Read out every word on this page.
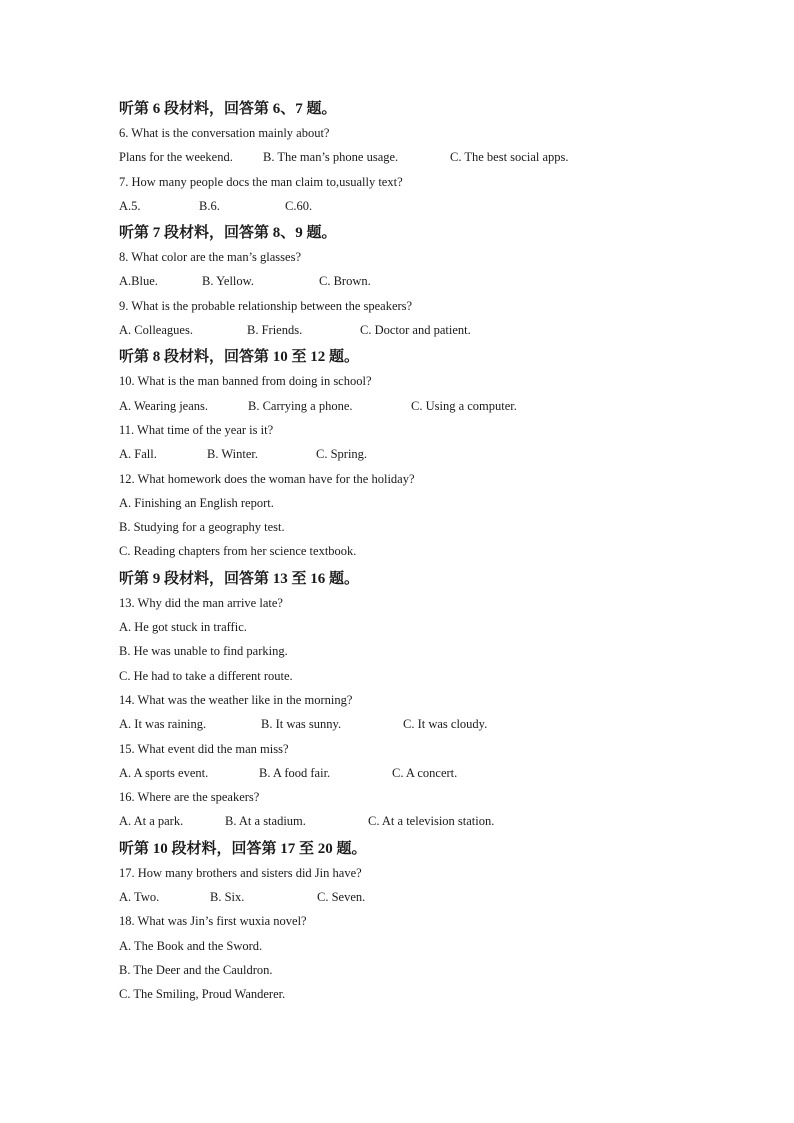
听第 6 段材料，回答第 6、7 题。
6. What is the conversation mainly about?
Plans for the weekend. B. The man’s phone usage.	C. The best social apps.
7. How many people docs the man claim to,usually text?
A.5.	B.6.	C.60.
听第 7 段材料，回答第 8、9 题。
8. What color are the man’s glasses?
A.Blue.	B. Yellow.	C. Brown.
9. What is the probable relationship between the speakers?
A. Colleagues.	B. Friends.	C. Doctor and patient.
听第 8 段材料，回答第 10 至 12 题。
10. What is the man banned from doing in school?
A. Wearing jeans.	B. Carrying a phone.	C. Using a computer.
11. What time of the year is it?
A. Fall.	B. Winter.	C. Spring.
12. What homework does the woman have for the holiday?
A. Finishing an English report.
B. Studying for a geography test.
C. Reading chapters from her science textbook.
听第 9 段材料，回答第 13 至 16 题。
13. Why did the man arrive late?
A. He got stuck in traffic.
B. He was unable to find parking.
C. He had to take a different route.
14. What was the weather like in the morning?
A. It was raining.	B. It was sunny.	C. It was cloudy.
15. What event did the man miss?
A. A sports event.	B. A food fair.	C. A concert.
16. Where are the speakers?
A. At a park.	B. At a stadium.	C. At a television station.
听第 10 段材料，回答第 17 至 20 题。
17. How many brothers and sisters did Jin have?
A. Two.	B. Six.	C. Seven.
18. What was Jin’s first wuxia novel?
A. The Book and the Sword.
B. The Deer and the Cauldron.
C. The Smiling, Proud Wanderer.
